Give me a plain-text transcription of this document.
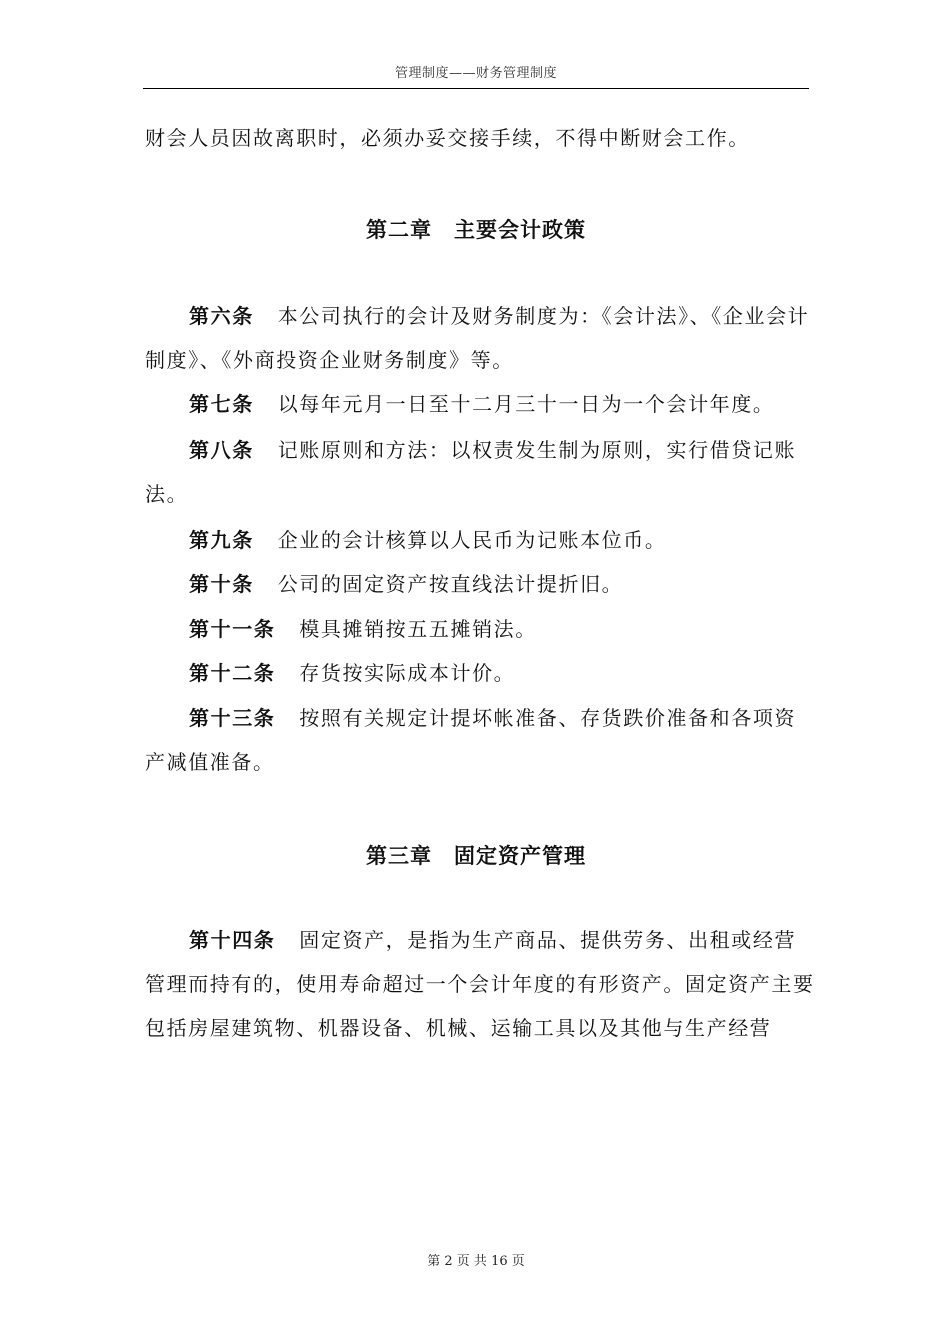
管理制度——财务管理制度

财会人员因故离职时，必须办妥交接手续，不得中断财会工作。

第二章 主要会计政策

第六条 本公司执行的会计及财务制度为：《会计法》、《企业会计制度》、《外商投资企业财务制度》等。

第七条 以每年元月一日至十二月三十一日为一个会计年度。

第八条 记账原则和方法：以权责发生制为原则，实行借贷记账法。

第九条 企业的会计核算以人民币为记账本位币。

第十条 公司的固定资产按直线法计提折旧。

第十一条 模具摊销按五五摊销法。

第十二条 存货按实际成本计价。

第十三条 按照有关规定计提坏帐准备、存货跌价准备和各项资产减值准备。

第三章 固定资产管理

第十四条 固定资产，是指为生产商品、提供劳务、出租或经营管理而持有的，使用寿命超过一个会计年度的有形资产。固定资产主要包括房屋建筑物、机器设备、机械、运输工具以及其他与生产经营

第 2 页 共 16 页
